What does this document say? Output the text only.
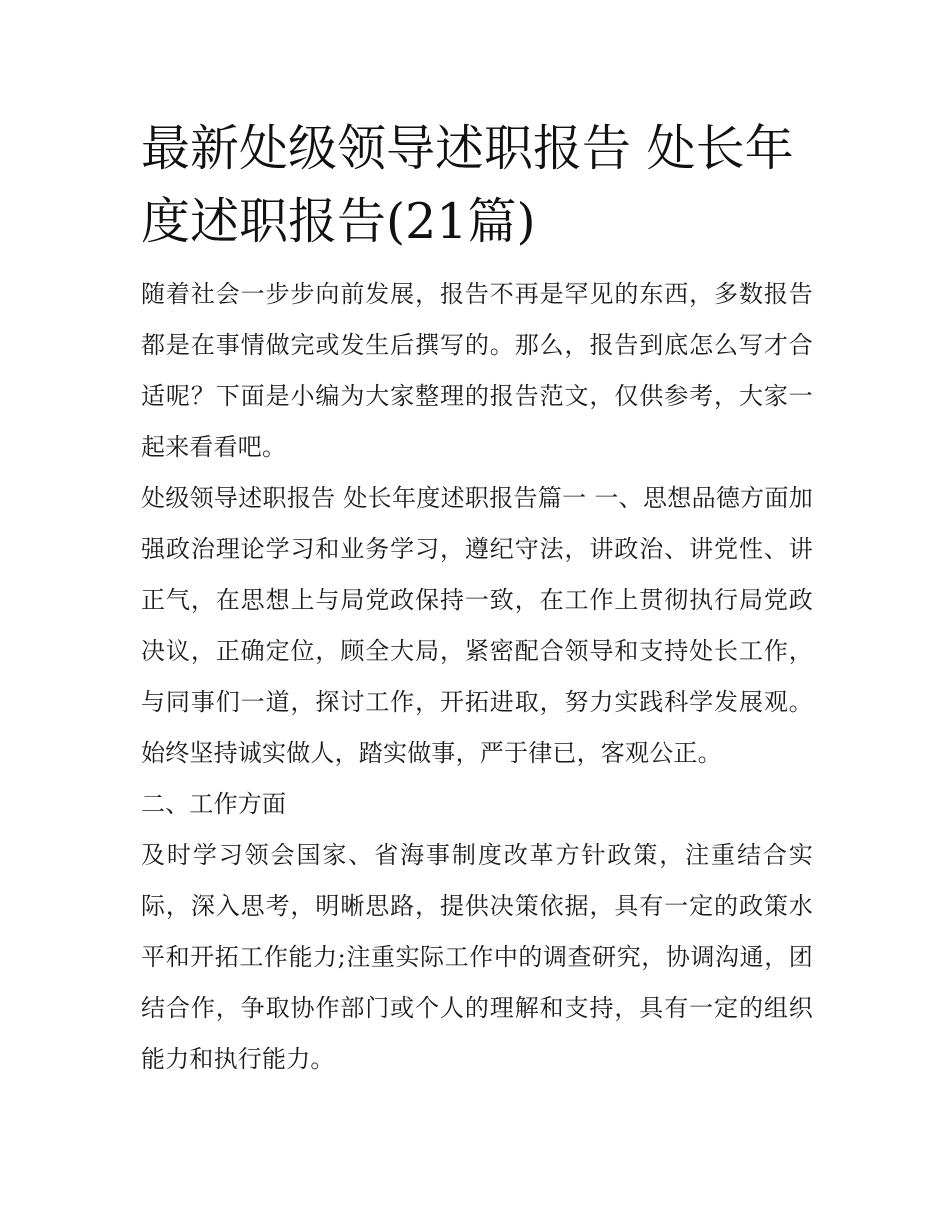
最新处级领导述职报告 处长年度述职报告(21篇)

随着社会一步步向前发展，报告不再是罕见的东西，多数报告都是在事情做完或发生后撰写的。那么，报告到底怎么写才合适呢？下面是小编为大家整理的报告范文，仅供参考，大家一起来看看吧。

处级领导述职报告 处长年度述职报告篇一 一、思想品德方面加强政治理论学习和业务学习，遵纪守法，讲政治、讲党性、讲正气，在思想上与局党政保持一致，在工作上贯彻执行局党政决议，正确定位，顾全大局，紧密配合领导和支持处长工作，与同事们一道，探讨工作，开拓进取，努力实践科学发展观。始终坚持诚实做人，踏实做事，严于律已，客观公正。

二、工作方面

及时学习领会国家、省海事制度改革方针政策，注重结合实际，深入思考，明晰思路，提供决策依据，具有一定的政策水平和开拓工作能力;注重实际工作中的调查研究，协调沟通，团结合作，争取协作部门或个人的理解和支持，具有一定的组织能力和执行能力。
